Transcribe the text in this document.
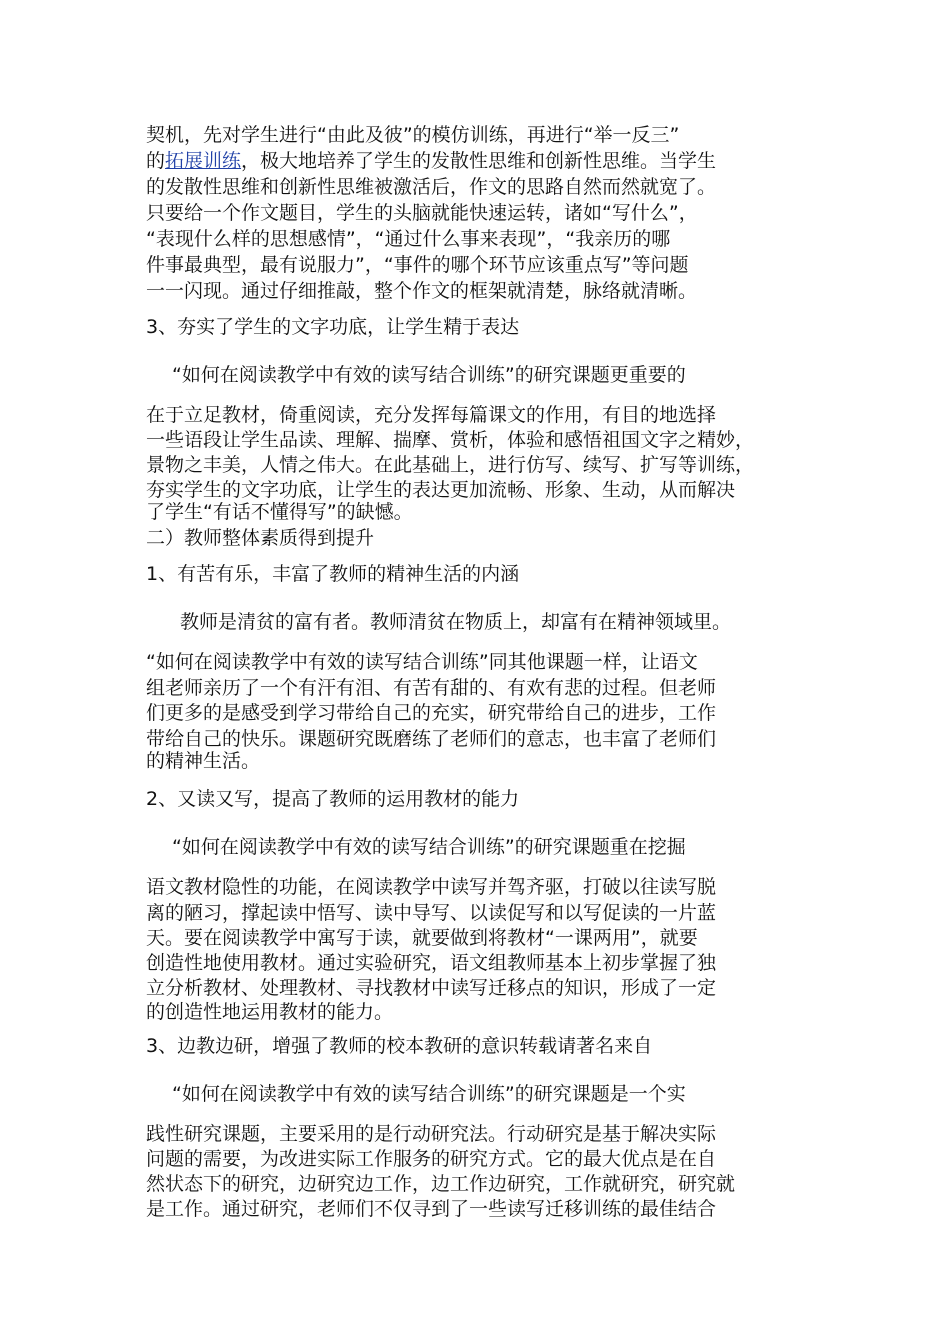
契机，先对学生进行“由此及彼”的模仿训练，再进行“举一反三”
的拓展训练，极大地培养了学生的发散性思维和创新性思维。当学生
的发散性思维和创新性思维被激活后，作文的思路自然而然就宽了。
只要给一个作文题目，学生的头脑就能快速运转，诸如“写什么”，
“表现什么样的思想感情”，“通过什么事来表现”，“我亲历的哪
件事最典型，最有说服力”，“事件的哪个环节应该重点写”等问题
一一闪现。通过仔细推敲，整个作文的框架就清楚，脉络就清晰。
3、夯实了学生的文字功底，让学生精于表达
“如何在阅读教学中有效的读写结合训练”的研究课题更重要的
在于立足教材，倚重阅读，充分发挥每篇课文的作用，有目的地选择
一些语段让学生品读、理解、揣摩、赏析，体验和感悟祖国文字之精妙，
景物之丰美，人情之伟大。在此基础上，进行仿写、续写、扩写等训练，
夯实学生的文字功底，让学生的表达更加流畅、形象、生动，从而解决
了学生“有话不懂得写”的缺憾。
二）教师整体素质得到提升
1、有苦有乐，丰富了教师的精神生活的内涵
教师是清贫的富有者。教师清贫在物质上，却富有在精神领域里。
“如何在阅读教学中有效的读写结合训练”同其他课题一样，让语文
组老师亲历了一个有汗有泪、有苦有甜的、有欢有悲的过程。但老师
们更多的是感受到学习带给自己的充实，研究带给自己的进步，工作
带给自己的快乐。课题研究既磨练了老师们的意志，也丰富了老师们
的精神生活。
2、又读又写，提高了教师的运用教材的能力
“如何在阅读教学中有效的读写结合训练”的研究课题重在挖掘
语文教材隐性的功能，在阅读教学中读写并驾齐驱，打破以往读写脱
离的陋习，撑起读中悟写、读中导写、以读促写和以写促读的一片蓝
天。要在阅读教学中寓写于读，就要做到将教材“一课两用”，就要
创造性地使用教材。通过实验研究，语文组教师基本上初步掌握了独
立分析教材、处理教材、寻找教材中读写迁移点的知识，形成了一定
的创造性地运用教材的能力。
3、边教边研，增强了教师的校本教研的意识转载请著名来自
“如何在阅读教学中有效的读写结合训练”的研究课题是一个实
践性研究课题，主要采用的是行动研究法。行动研究是基于解决实际
问题的需要，为改进实际工作服务的研究方式。它的最大优点是在自
然状态下的研究，边研究边工作，边工作边研究，工作就研究，研究就
是工作。通过研究，老师们不仅寻到了一些读写迁移训练的最佳结合
